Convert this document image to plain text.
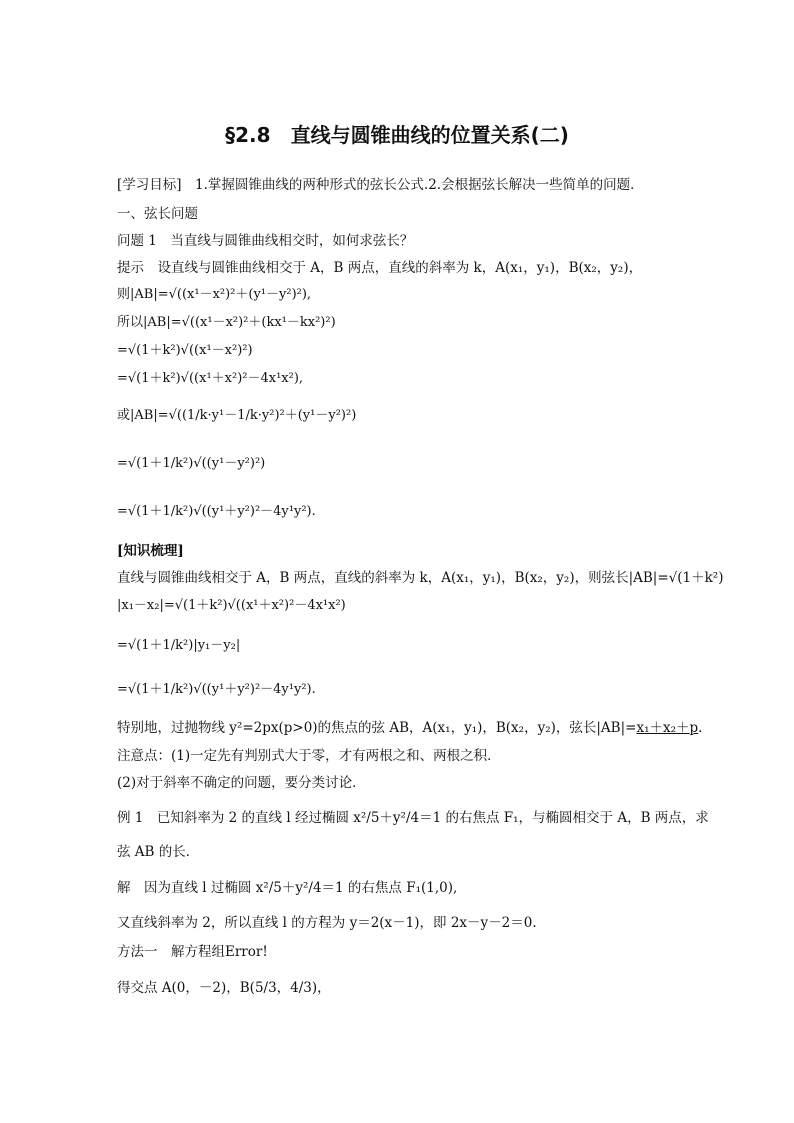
§2.8　直线与圆锥曲线的位置关系(二)
[学习目标]　1.掌握圆锥曲线的两种形式的弦长公式.2.会根据弦长解决一些简单的问题．
一、弦长问题
问题 1　当直线与圆锥曲线相交时，如何求弦长？
提示　设直线与圆锥曲线相交于 A，B 两点，直线的斜率为 k，A(x₁，y₁)，B(x₂，y₂)，
则|AB|=√((x¹－x²)²＋(y¹－y²)²),
所以|AB|=√((x¹－x²)²＋(kx¹－kx²)²)
=√(1＋k²)√((x¹－x²)²)
=√(1＋k²)√((x¹＋x²)²－4x¹x²),
或|AB|=√((1/k·y¹－1/k·y²)²＋(y¹－y²)²)
=√(1＋1/k²)√((y¹－y²)²)
=√(1＋1/k²)√((y¹＋y²)²－4y¹y²).
[知识梳理]
直线与圆锥曲线相交于 A，B 两点，直线的斜率为 k，A(x₁，y₁)，B(x₂，y₂)，则弦长|AB|=√(1＋k²)
|x₁－x₂|=√(1＋k²)√((x¹＋x²)²－4x¹x²)
=√(1＋1/k²)|y₁－y₂|
=√(1＋1/k²)√((y¹＋y²)²－4y¹y²).
特别地，过抛物线 y²=2px(p>0)的焦点的弦 AB，A(x₁，y₁)，B(x₂，y₂)，弦长|AB|=x₁＋x₂＋p.
注意点：(1)一定先有判别式大于零，才有两根之和、两根之积．
(2)对于斜率不确定的问题，要分类讨论．
例 1　已知斜率为 2 的直线 l 经过椭圆 x²/5＋y²/4＝1 的右焦点 F₁，与椭圆相交于 A，B 两点，求
弦 AB 的长．
解　因为直线 l 过椭圆 x²/5＋y²/4＝1 的右焦点 F₁(1,0),
又直线斜率为 2，所以直线 l 的方程为 y＝2(x－1)，即 2x－y－2＝0.
方法一　解方程组Error!
得交点 A(0，－2)，B(5/3，4/3)，
